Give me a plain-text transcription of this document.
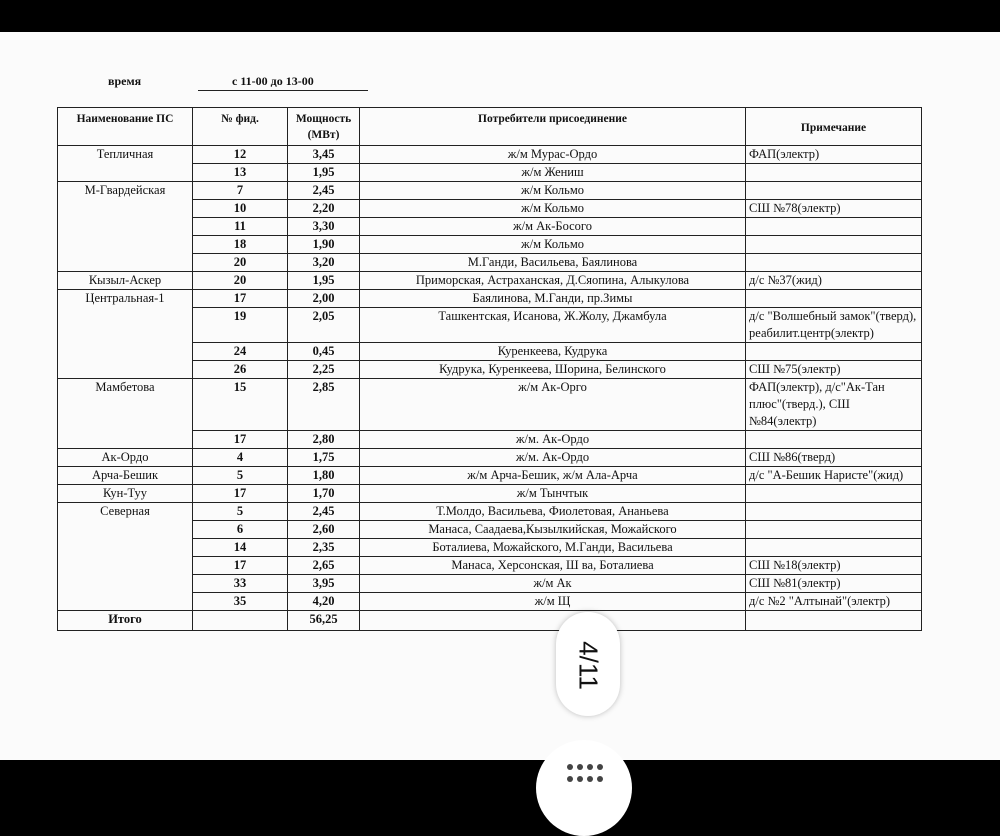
время	с 11-00 до 13-00
Наименование ПС	№ фид.	Мощность (МВт)	Потребители присоединение	Примечание
Тепличная	12	3,45	ж/м Мурас-Ордо	ФАП(электр)
	13	1,95	ж/м Жениш	
М-Гвардейская	7	2,45	ж/м Кольмо	
	10	2,20	ж/м Кольмо	СШ №78(электр)
	11	3,30	ж/м Ак-Босого	
	18	1,90	ж/м Кольмо	
	20	3,20	М.Ганди, Васильева, Баялинова	
Кызыл-Аскер	20	1,95	Приморская, Астраханская, Д.Сяопина, Алыкулова	д/с №37(жид)
Центральная-1	17	2,00	Баялинова, М.Ганди, пр.Зимы	
	19	2,05	Ташкентская, Исанова, Ж.Жолу, Джамбула	д/с "Волшебный замок"(тверд), реабилит.центр(электр)
	24	0,45	Куренкеева, Кудрука	
	26	2,25	Кудрука, Куренкеева, Шорина, Белинского	СШ №75(электр)
Мамбетова	15	2,85	ж/м Ак-Орго	ФАП(электр), д/с"Ак-Тан плюс"(тверд.), СШ №84(электр)
	17	2,80	ж/м. Ак-Ордо	
Ак-Ордо	4	1,75	ж/м. Ак-Ордо	СШ №86(тверд)
Арча-Бешик	5	1,80	ж/м Арча-Бешик, ж/м Ала-Арча	д/с "А-Бешик Наристе"(жид)
Кун-Туу	17	1,70	ж/м Тынчтык	
Северная	5	2,45	Т.Молдо, Васильева, Фиолетовая, Ананьева	
	6	2,60	Манаса, Саадаева,Кызылкийская, Можайского	
	14	2,35	Боталиева, Можайского, М.Ганди, Васильева	
	17	2,65	Манаса, Херсонская, Ш ва, Боталиева	СШ №18(электр)
	33	3,95	ж/м Ак	СШ №81(электр)
	35	4,20	ж/м Щ	д/с №2 "Алтынай"(электр)
Итого		56,25		
4/11
